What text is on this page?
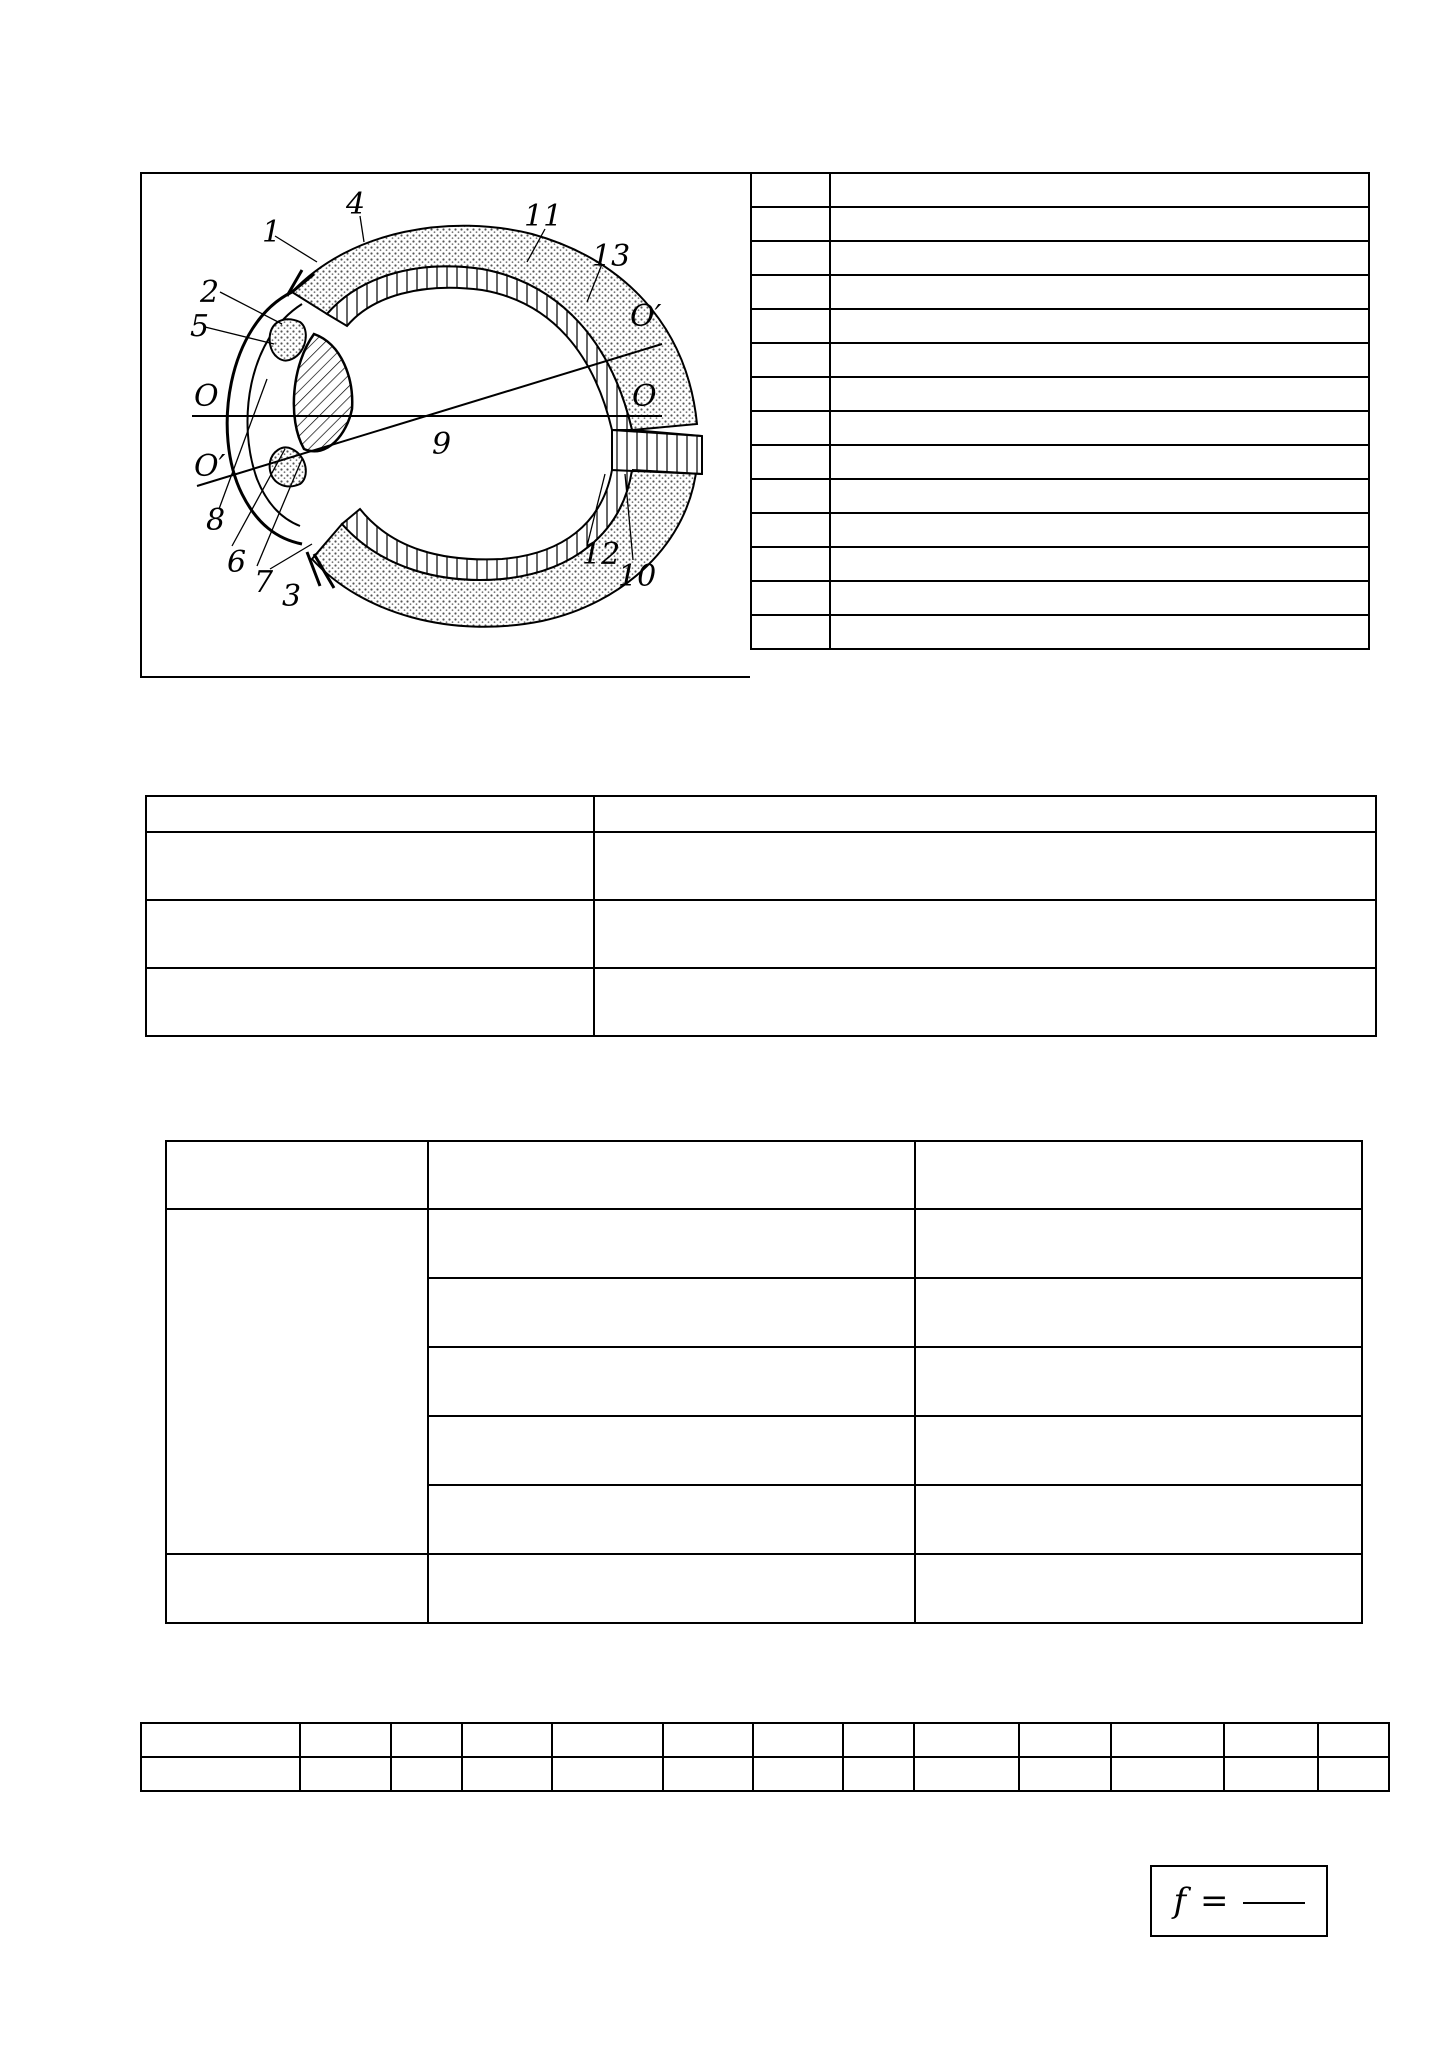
1
2
3
4
5
6
7
8
9
10
11
12
13
O	O
O′
O′

f =
